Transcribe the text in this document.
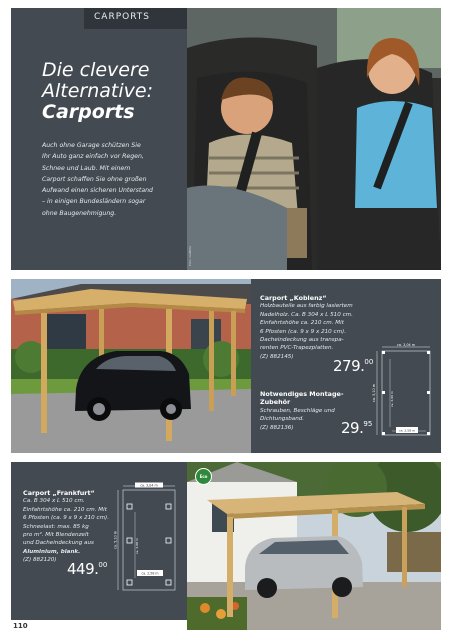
CARPORTS
Die clevere
Alternative:
Carports
Auch ohne Garage schützen Sie
Ihr Auto ganz einfach vor Regen,
Schnee und Laub. Mit einem
Carport schaffen Sie ohne großen
Aufwand einen sicheren Unterstand
– in einigen Bundesländern sogar
ohne Baugenehmigung.
Foto: GAMMA
Carport „Koblenz“
Holzbauteile aus farbig lasiertem
Nadelholz. Ca. B 304 x L 510 cm.
Einfahrtshöhe ca. 210 cm. Mit
6 Pfosten (ca. 9 x 9 x 210 cm).
Dacheindeckung aus transpa-
renten PVC-Trapezplatten.
(Z) 882145)
279.00
Notwendiges Montage-Zubehör
Schrauben, Beschläge und
Dichtungsband.
(Z) 882136)	29.95
ca. 3,04 m
ca. 5,10 m	ca. 4,00 m
ca. 2,58 m
Carport „Frankfurt“
Ca. B 304 x L 510 cm.
Einfahrtshöhe ca. 210 cm. Mit
6 Pfosten (ca. 9 x 9 x 210 cm).
Schneelast: max. 85 kg
pro m². Mit Blendenzelt
und Dacheindeckung aus
Aluminium, blank.
(Z) 882120) 449.00
ca. 3,04 m
ca. 5,10 m	ca. 4,08 m
ca. 2,58 m
Eco
110
